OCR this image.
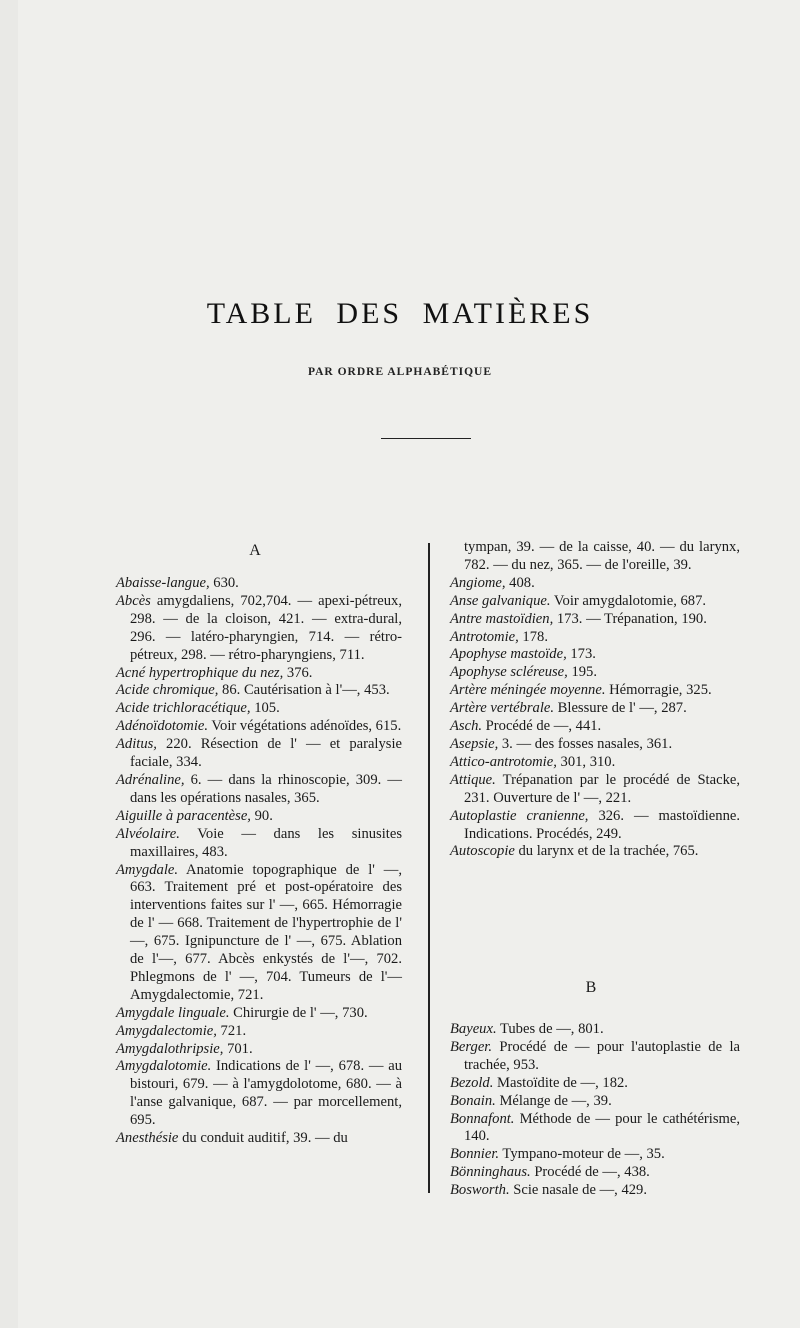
TABLE DES MATIÈRES
PAR ORDRE ALPHABÉTIQUE
A

Abaisse-langue, 630.

Abcès amygdaliens, 702,704. — apexi-pétreux, 298. — de la cloison, 421. — extra-dural, 296. — latéro-pharyngien, 714. — rétro-pétreux, 298. — rétro-pharyngiens, 711.

Acné hypertrophique du nez, 376.

Acide chromique, 86. Cautérisation à l'—, 453.

Acide trichloracétique, 105.

Adénoïdotomie. Voir végétations adénoïdes, 615.

Aditus, 220. Résection de l' — et paralysie faciale, 334.

Adrénaline, 6. — dans la rhinoscopie, 309. — dans les opérations nasales, 365.

Aiguille à paracentèse, 90.

Alvéolaire. Voie — dans les sinusites maxillaires, 483.

Amygdale. Anatomie topographique de l' —, 663. Traitement pré et post-opératoire des interventions faites sur l' —, 665. Hémorragie de l' — 668. Traitement de l'hypertrophie de l' —, 675. Ignipuncture de l' —, 675. Ablation de l'—, 677. Abcès enkystés de l'—, 702. Phlegmons de l' —, 704. Tumeurs de l'— Amygdalectomie, 721.

Amygdale linguale. Chirurgie de l' —, 730.

Amygdalectomie, 721.

Amygdalothripsie, 701.

Amygdalotomie. Indications de l' —, 678. — au bistouri, 679. — à l'amygdolotome, 680. — à l'anse galvanique, 687. — par morcellement, 695.

Anesthésie du conduit auditif, 39. — du

tympan, 39. — de la caisse, 40. — du larynx, 782. — du nez, 365. — de l'oreille, 39.

Angiome, 408.

Anse galvanique. Voir amygdalotomie, 687.

Antre mastoïdien, 173. — Trépanation, 190.

Antrotomie, 178.

Apophyse mastoïde, 173.

Apophyse scléreuse, 195.

Artère méningée moyenne. Hémorragie, 325.

Artère vertébrale. Blessure de l' —, 287.

Asch. Procédé de —, 441.

Asepsie, 3. — des fosses nasales, 361.

Attico-antrotomie, 301, 310.

Attique. Trépanation par le procédé de Stacke, 231. Ouverture de l' —, 221.

Autoplastie cranienne, 326. — mastoïdienne. Indications. Procédés, 249.

Autoscopie du larynx et de la trachée, 765.

B

Bayeux. Tubes de —, 801.

Berger. Procédé de — pour l'autoplastie de la trachée, 953.

Bezold. Mastoïdite de —, 182.

Bonain. Mélange de —, 39.

Bonnafont. Méthode de — pour le cathétérisme, 140.

Bonnier. Tympano-moteur de —, 35.

Bönninghaus. Procédé de —, 438.

Bosworth. Scie nasale de —, 429.
